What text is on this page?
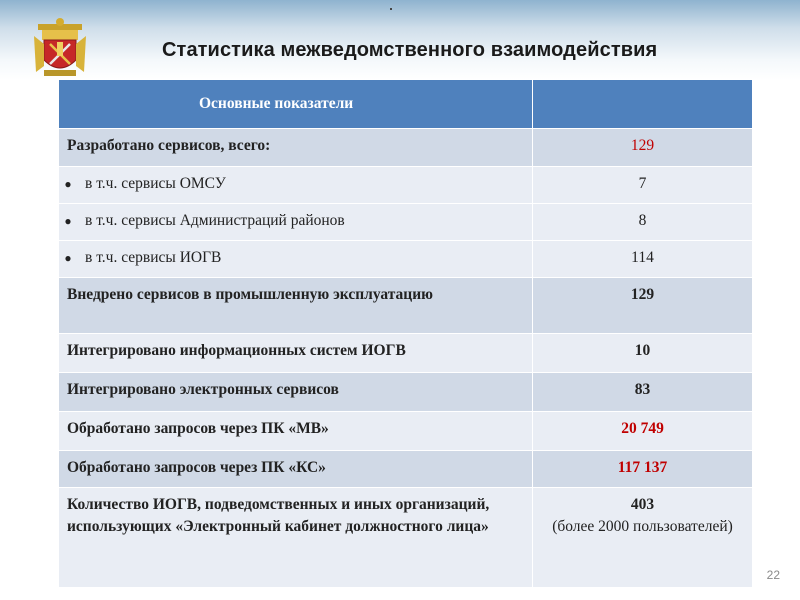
Статистика межведомственного взаимодействия
Основные показатели	
Разработано сервисов, всего:	129
● в т.ч. сервисы ОМСУ	7
● в т.ч. сервисы Администраций районов	8
● в т.ч. сервисы ИОГВ	114
Внедрено сервисов в промышленную эксплуатацию	129
Интегрировано информационных систем ИОГВ	10
Интегрировано электронных сервисов	83
Обработано запросов через ПК «МВ»	20 749
Обработано запросов через ПК «КС»	117 137
Количество ИОГВ, подведомственных и иных организаций, использующих «Электронный кабинет должностного лица»	403
(более 2000 пользователей)
22
